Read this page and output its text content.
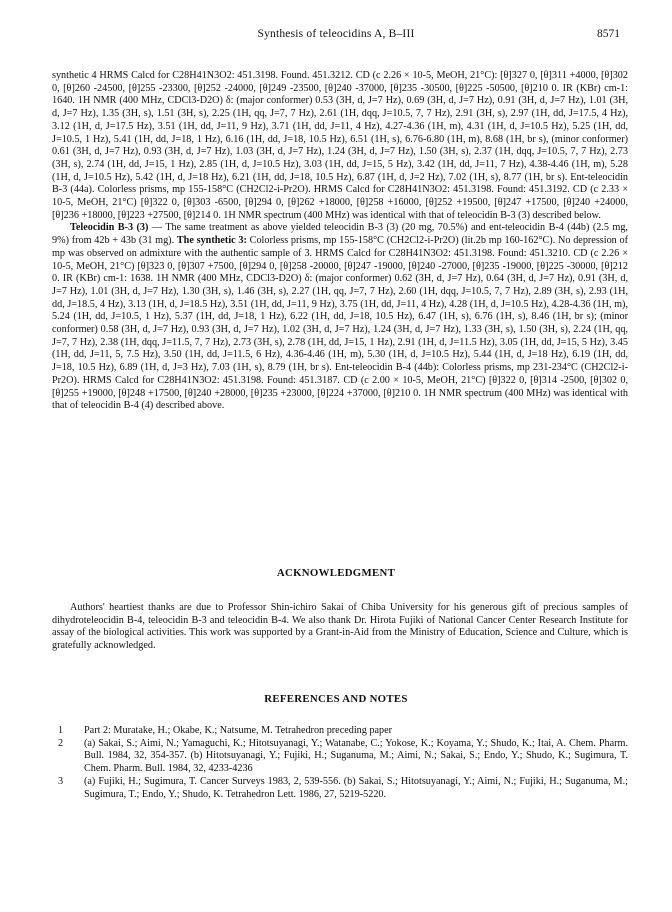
Synthesis of teleocidins A, B–III	8571

synthetic 4 HRMS Calcd for C28H41N3O2: 451.3198. Found. 451.3212. CD (c 2.26 × 10-5, MeOH, 21°C): [θ]327 0, [θ]311 +4000, [θ]302 0, [θ]260 -24500, [θ]255 -23300, [θ]252 -24000, [θ]249 -23500, [θ]240 -37000, [θ]235 -30500, [θ]225 -50500, [θ]210 0. IR (KBr) cm-1: 1640. 1H NMR (400 MHz, CDCl3-D2O) δ: (major conformer) 0.53 (3H, d, J=7 Hz), 0.69 (3H, d, J=7 Hz), 0.91 (3H, d, J=7 Hz), 1.01 (3H, d, J=7 Hz), 1.35 (3H, s), 1.51 (3H, s), 2.25 (1H, qq, J=7, 7 Hz), 2.61 (1H, dqq, J=10.5, 7, 7 Hz), 2.91 (3H, s), 2.97 (1H, dd, J=17.5, 4 Hz), 3.12 (1H, d, J=17.5 Hz), 3.51 (1H, dd, J=11, 9 Hz), 3.71 (1H, dd, J=11, 4 Hz), 4.27-4.36 (1H, m), 4.31 (1H, d, J=10.5 Hz), 5.25 (1H, dd, J=10.5, 1 Hz), 5.41 (1H, dd, J=18, 1 Hz), 6.16 (1H, dd, J=18, 10.5 Hz), 6.51 (1H, s), 6.76-6.80 (1H, m), 8.68 (1H, br s), (minor conformer) 0.61 (3H, d, J=7 Hz), 0.93 (3H, d, J=7 Hz), 1.03 (3H, d, J=7 Hz), 1.24 (3H, d, J=7 Hz), 1.50 (3H, s), 2.37 (1H, dqq, J=10.5, 7, 7 Hz), 2.73 (3H, s), 2.74 (1H, dd, J=15, 1 Hz), 2.85 (1H, d, J=10.5 Hz), 3.03 (1H, dd, J=15, 5 Hz), 3.42 (1H, dd, J=11, 7 Hz), 4.38-4.46 (1H, m), 5.28 (1H, d, J=10.5 Hz), 5.42 (1H, d, J=18 Hz), 6.21 (1H, dd, J=18, 10.5 Hz), 6.87 (1H, d, J=2 Hz), 7.02 (1H, s), 8.77 (1H, br s). Ent-teleocidin B-3 (44a). Colorless prisms, mp 155-158°C (CH2Cl2-i-Pr2O). HRMS Calcd for C28H41N3O2: 451.3198. Found: 451.3192. CD (c 2.33 × 10-5, MeOH, 21°C) [θ]322 0, [θ]303 -6500, [θ]294 0, [θ]262 +18000, [θ]258 +16000, [θ]252 +19500, [θ]247 +17500, [θ]240 +24000, [θ]236 +18000, [θ]223 +27500, [θ]214 0. 1H NMR spectrum (400 MHz) was identical with that of teleocidin B-3 (3) described below.

Teleocidin B-3 (3) — The same treatment as above yielded teleocidin B-3 (3) (20 mg, 70.5%) and ent-teleocidin B-4 (44b) (2.5 mg, 9%) from 42b + 43b (31 mg). The synthetic 3: Colorless prisms, mp 155-158°C (CH2Cl2-i-Pr2O) (lit.2b mp 160-162°C). No depression of mp was observed on admixture with the authentic sample of 3. HRMS Calcd for C28H41N3O2: 451.3198. Found: 451.3210. CD (c 2.26 × 10-5, MeOH, 21°C) [θ]323 0, [θ]307 +7500, [θ]294 0, [θ]258 -20000, [θ]247 -19000, [θ]240 -27000, [θ]235 -19000, [θ]225 -30000, [θ]212 0. IR (KBr) cm-1: 1638. 1H NMR (400 MHz, CDCl3-D2O) δ: (major conformer) 0.62 (3H, d, J=7 Hz), 0.64 (3H, d, J=7 Hz), 0.91 (3H, d, J=7 Hz), 1.01 (3H, d, J=7 Hz), 1.30 (3H, s), 1.46 (3H, s), 2.27 (1H, qq, J=7, 7 Hz), 2.60 (1H, dqq, J=10.5, 7, 7 Hz), 2.89 (3H, s), 2.93 (1H, dd, J=18.5, 4 Hz), 3.13 (1H, d, J=18.5 Hz), 3.51 (1H, dd, J=11, 9 Hz), 3.75 (1H, dd, J=11, 4 Hz), 4.28 (1H, d, J=10.5 Hz), 4.28-4.36 (1H, m), 5.24 (1H, dd, J=10.5, 1 Hz), 5.37 (1H, dd, J=18, 1 Hz), 6.22 (1H, dd, J=18, 10.5 Hz), 6.47 (1H, s), 6.76 (1H, s), 8.46 (1H, br s); (minor conformer) 0.58 (3H, d, J=7 Hz), 0.93 (3H, d, J=7 Hz), 1.02 (3H, d, J=7 Hz), 1.24 (3H, d, J=7 Hz), 1.33 (3H, s), 1.50 (3H, s), 2.24 (1H, qq, J=7, 7 Hz), 2.38 (1H, dqq, J=11.5, 7, 7 Hz), 2.73 (3H, s), 2.78 (1H, dd, J=15, 1 Hz), 2.91 (1H, d, J=11.5 Hz), 3.05 (1H, dd, J=15, 5 Hz), 3.45 (1H, dd, J=11, 5, 7.5 Hz), 3.50 (1H, dd, J=11.5, 6 Hz), 4.36-4.46 (1H, m), 5.30 (1H, d, J=10.5 Hz), 5.44 (1H, d, J=18 Hz), 6.19 (1H, dd, J=18, 10.5 Hz), 6.89 (1H, d, J=3 Hz), 7.03 (1H, s), 8.79 (1H, br s). Ent-teleocidin B-4 (44b): Colorless prisms, mp 231-234°C (CH2Cl2-i-Pr2O). HRMS Calcd for C28H41N3O2: 451.3198. Found: 451.3187. CD (c 2.00 × 10-5, MeOH, 21°C) [θ]322 0, [θ]314 -2500, [θ]302 0, [θ]255 +19000, [θ]248 +17500, [θ]240 +28000, [θ]235 +23000, [θ]224 +37000, [θ]210 0. 1H NMR spectrum (400 MHz) was identical with that of teleocidin B-4 (4) described above.

ACKNOWLEDGMENT
Authors' heartiest thanks are due to Professor Shin-ichiro Sakai of Chiba University for his generous gift of precious samples of dihydroteleocidin B-4, teleocidin B-3 and teleocidin B-4. We also thank Dr. Hirota Fujiki of National Cancer Center Research Institute for assay of the biological activities. This work was supported by a Grant-in-Aid from the Ministry of Education, Science and Culture, which is gratefully acknowledged.
REFERENCES AND NOTES
1 Part 2: Muratake, H.; Okabe, K.; Natsume, M. Tetrahedron preceding paper
2 (a) Sakai, S.; Aimi, N.; Yamaguchi, K.; Hitotsuyanagi, Y.; Watanabe, C.; Yokose, K.; Koyama, Y.; Shudo, K.; Itai, A. Chem. Pharm. Bull. 1984, 32, 354-357. (b) Hitotsuyanagi, Y.; Fujiki, H.; Suganuma, M.; Aimi, N.; Sakai, S.; Endo, Y.; Shudo, K.; Sugimura, T. Chem. Pharm. Bull. 1984, 32, 4233-4236
3 (a) Fujiki, H.; Sugimura, T. Cancer Surveys 1983, 2, 539-556. (b) Sakai, S.; Hitotsuyanagi, Y.; Aimi, N.; Fujiki, H.; Suganuma, M.; Sugimura, T.; Endo, Y.; Shudo, K. Tetrahedron Lett. 1986, 27, 5219-5220.
